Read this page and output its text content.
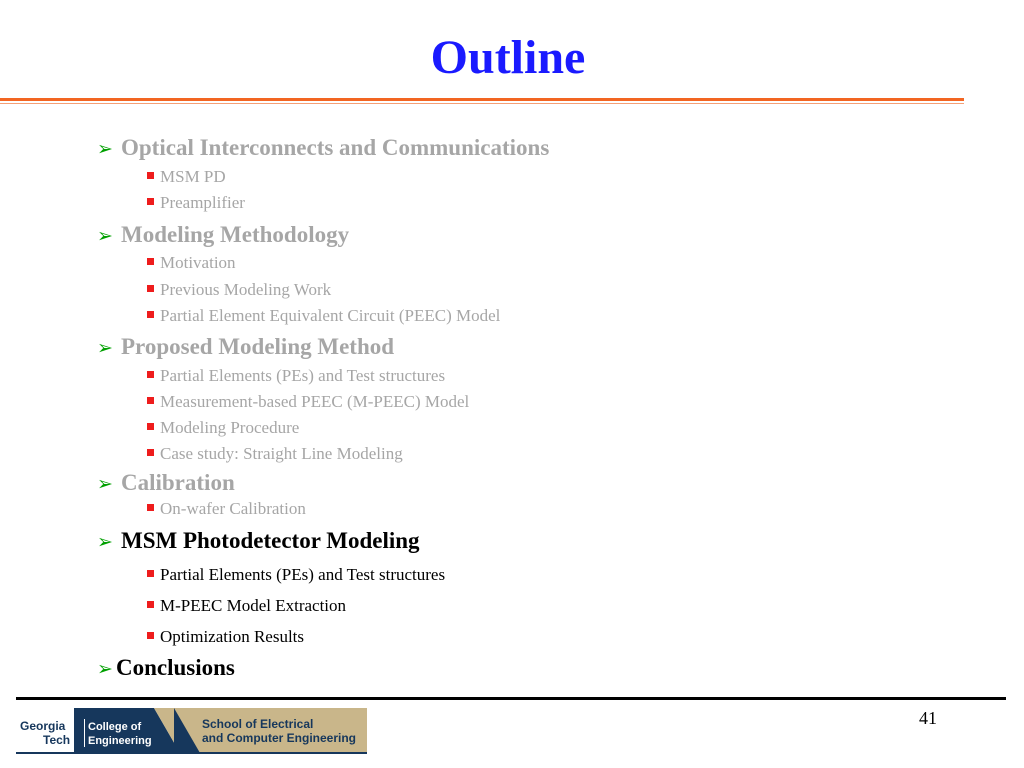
Outline
➢ Optical Interconnects and Communications
MSM PD
Preamplifier
➢ Modeling Methodology
Motivation
Previous Modeling Work
Partial Element Equivalent Circuit (PEEC) Model
➢ Proposed Modeling Method
Partial Elements (PEs) and Test structures
Measurement-based PEEC (M-PEEC) Model
Modeling Procedure
Case study: Straight Line Modeling
➢ Calibration
On-wafer Calibration
➢ MSM Photodetector Modeling
Partial Elements (PEs) and Test structures
M-PEEC Model Extraction
Optimization Results
➢ Conclusions
Georgia
Tech
College of
Engineering
School of Electrical
and Computer Engineering
41
